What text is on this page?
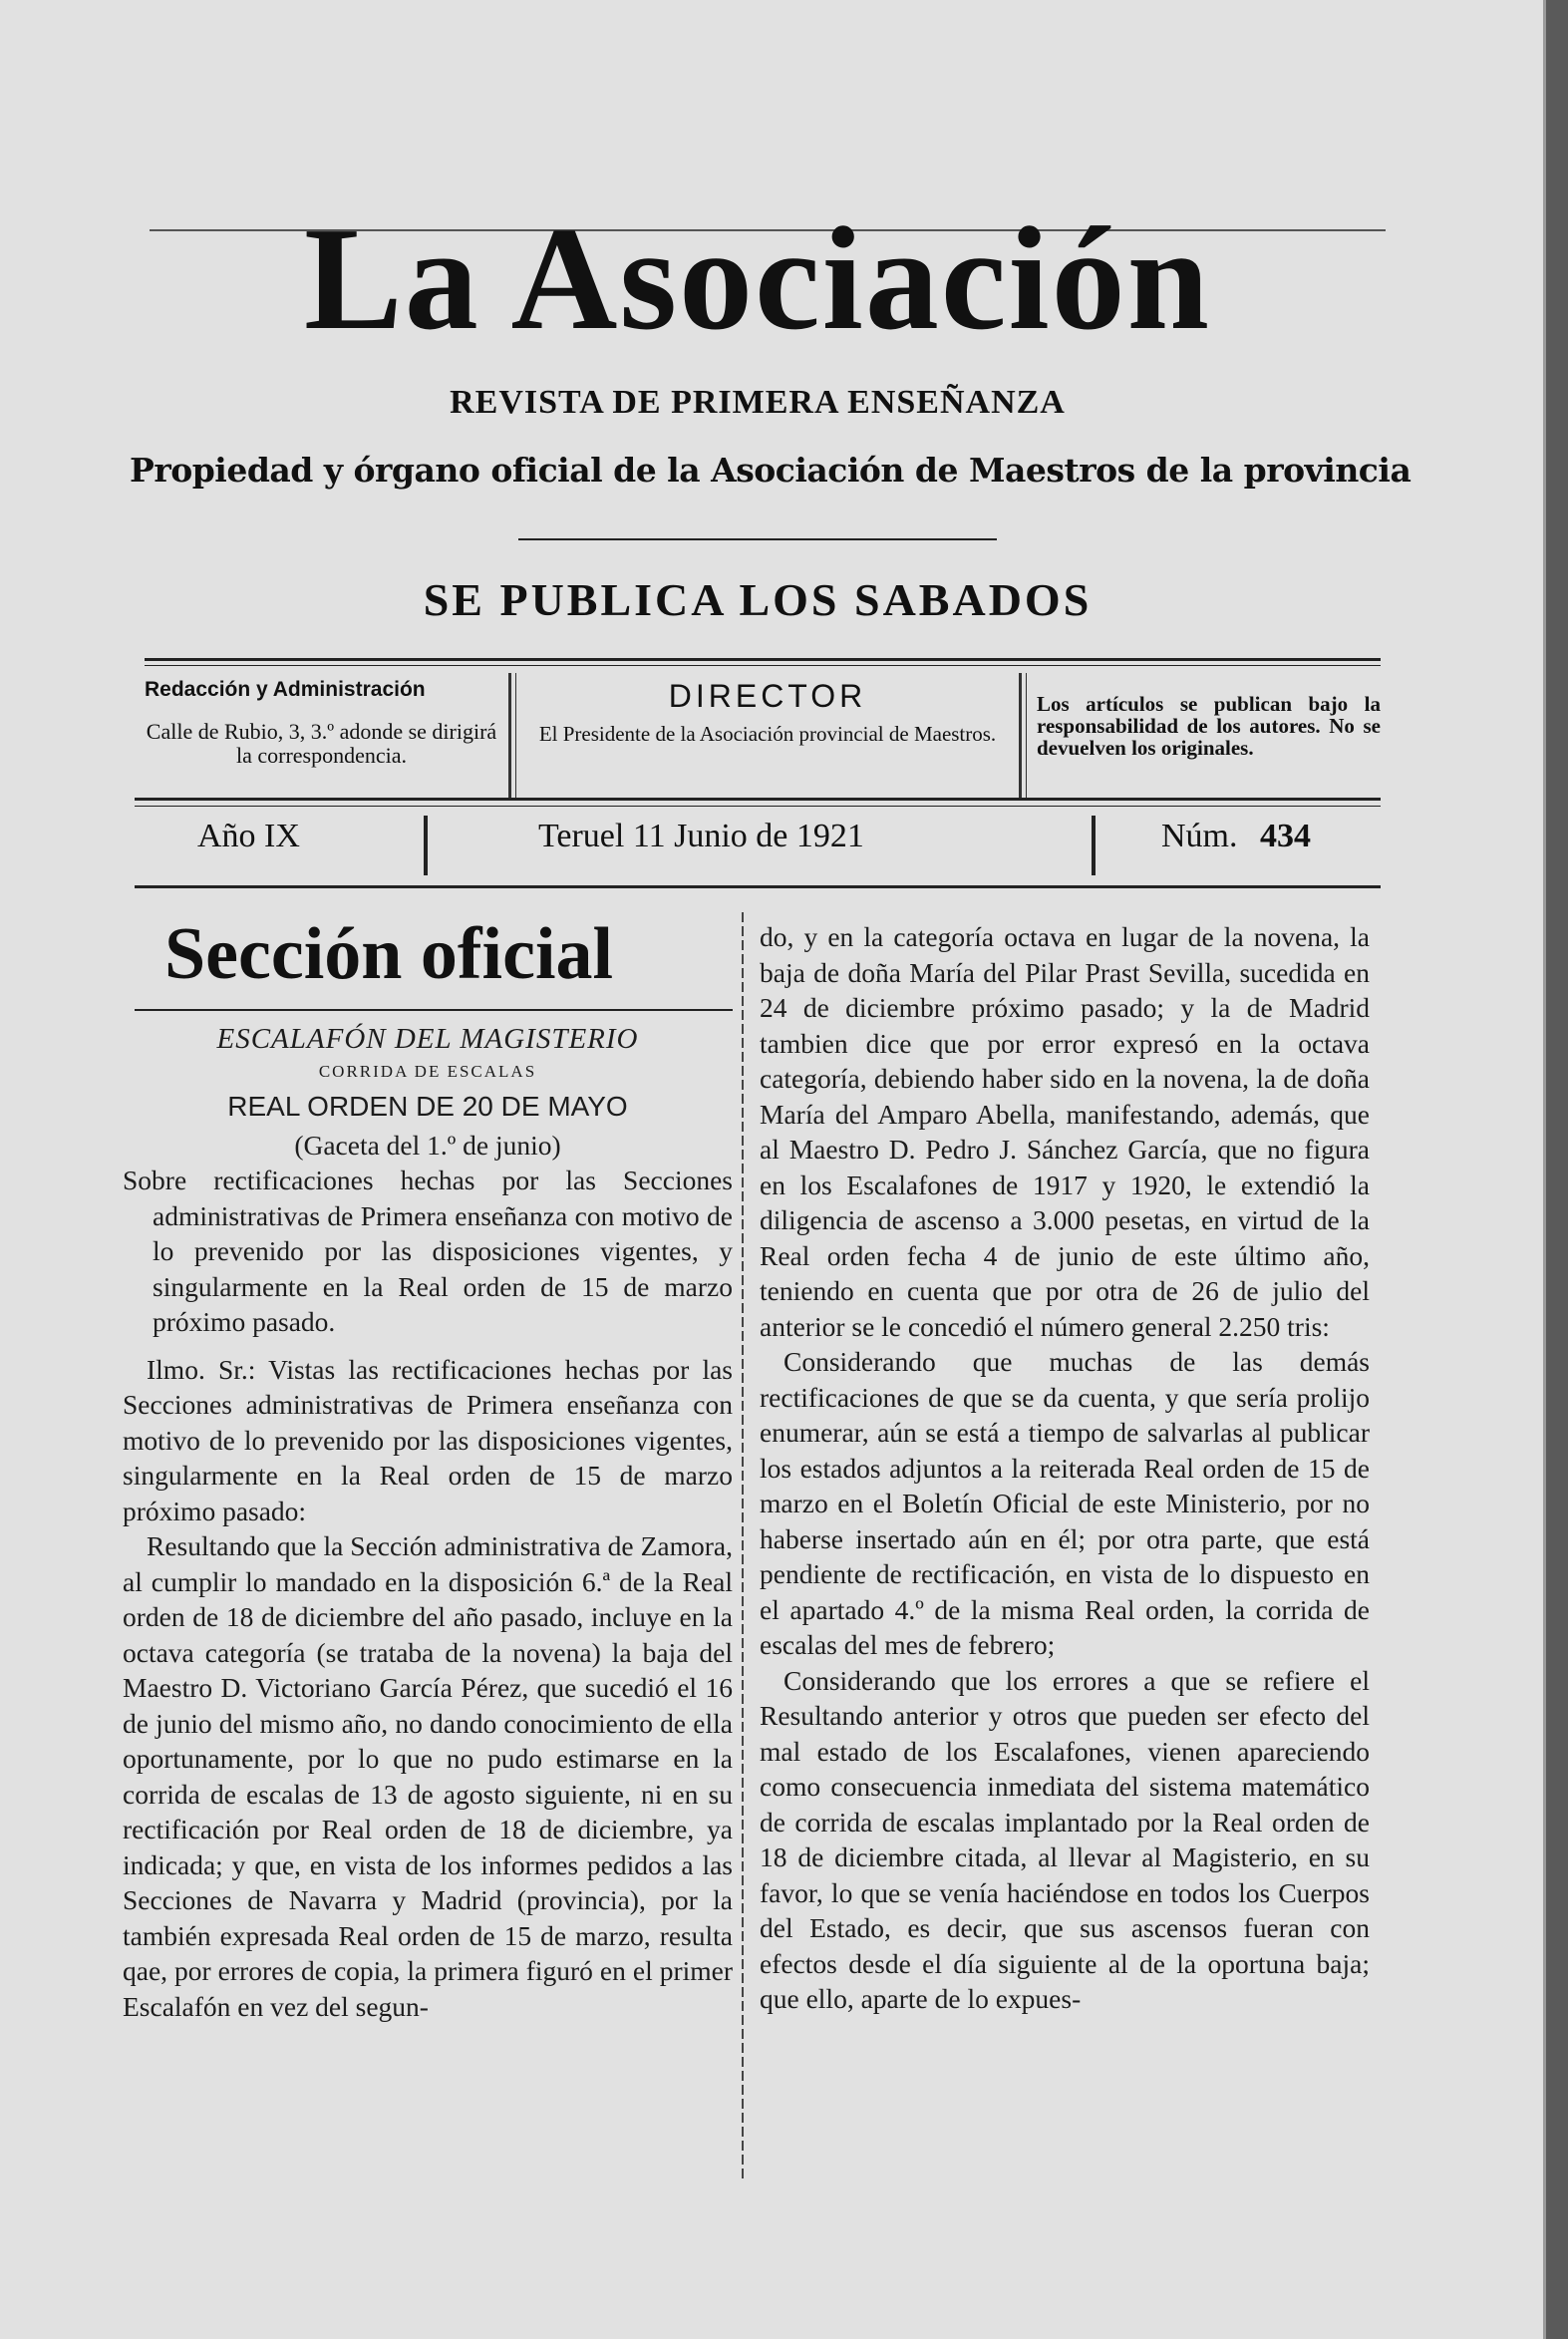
La Asociación
REVISTA DE PRIMERA ENSEÑANZA
Propiedad y órgano oficial de la Asociación de Maestros de la provincia
SE PUBLICA LOS SABADOS
Redacción y Administración
Calle de Rubio, 3, 3.º adonde se dirigirá la correspondencia.
DIRECTOR
El Presidente de la Asociación provincial de Maestros.
Los artículos se publican bajo la responsabilidad de los autores. No se devuelven los originales.
Año IX	Teruel 11 Junio de 1921	Núm. 434
Sección oficial

ESCALAFÓN DEL MAGISTERIO

CORRIDA DE ESCALAS

REAL ORDEN DE 20 DE MAYO

(Gaceta del 1.º de junio)

Sobre rectificaciones hechas por las Secciones administrativas de Primera enseñanza con motivo de lo prevenido por las disposiciones vigentes, y singularmente en la Real orden de 15 de marzo próximo pasado.

Ilmo. Sr.: Vistas las rectificaciones hechas por las Secciones administrativas de Primera enseñanza con motivo de lo prevenido por las disposiciones vigentes, singularmente en la Real orden de 15 de marzo próximo pasado:

Resultando que la Sección administrativa de Zamora, al cumplir lo mandado en la disposición 6.ª de la Real orden de 18 de diciembre del año pasado, incluye en la octava categoría (se trataba de la novena) la baja del Maestro D. Victoriano García Pérez, que sucedió el 16 de junio del mismo año, no dando conocimiento de ella oportunamente, por lo que no pudo estimarse en la corrida de escalas de 13 de agosto siguiente, ni en su rectificación por Real orden de 18 de diciembre, ya indicada; y que, en vista de los informes pedidos a las Secciones de Navarra y Madrid (provincia), por la también expresada Real orden de 15 de marzo, resulta qae, por errores de copia, la primera figuró en el primer Escalafón en vez del segun-

do, y en la categoría octava en lugar de la novena, la baja de doña María del Pilar Prast Sevilla, sucedida en 24 de diciembre próximo pasado; y la de Madrid tambien dice que por error expresó en la octava categoría, debiendo haber sido en la novena, la de doña María del Amparo Abella, manifestando, además, que al Maestro D. Pedro J. Sánchez García, que no figura en los Escalafones de 1917 y 1920, le extendió la diligencia de ascenso a 3.000 pesetas, en virtud de la Real orden fecha 4 de junio de este último año, teniendo en cuenta que por otra de 26 de julio del anterior se le concedió el número general 2.250 tris:

Considerando que muchas de las demás rectificaciones de que se da cuenta, y que sería prolijo enumerar, aún se está a tiempo de salvarlas al publicar los estados adjuntos a la reiterada Real orden de 15 de marzo en el Boletín Oficial de este Ministerio, por no haberse insertado aún en él; por otra parte, que está pendiente de rectificación, en vista de lo dispuesto en el apartado 4.º de la misma Real orden, la corrida de escalas del mes de febrero;

Considerando que los errores a que se refiere el Resultando anterior y otros que pueden ser efecto del mal estado de los Escalafones, vienen apareciendo como consecuencia inmediata del sistema matemático de corrida de escalas implantado por la Real orden de 18 de diciembre citada, al llevar al Magisterio, en su favor, lo que se venía haciéndose en todos los Cuerpos del Estado, es decir, que sus ascensos fueran con efectos desde el día siguiente al de la oportuna baja; que ello, aparte de lo expues-
